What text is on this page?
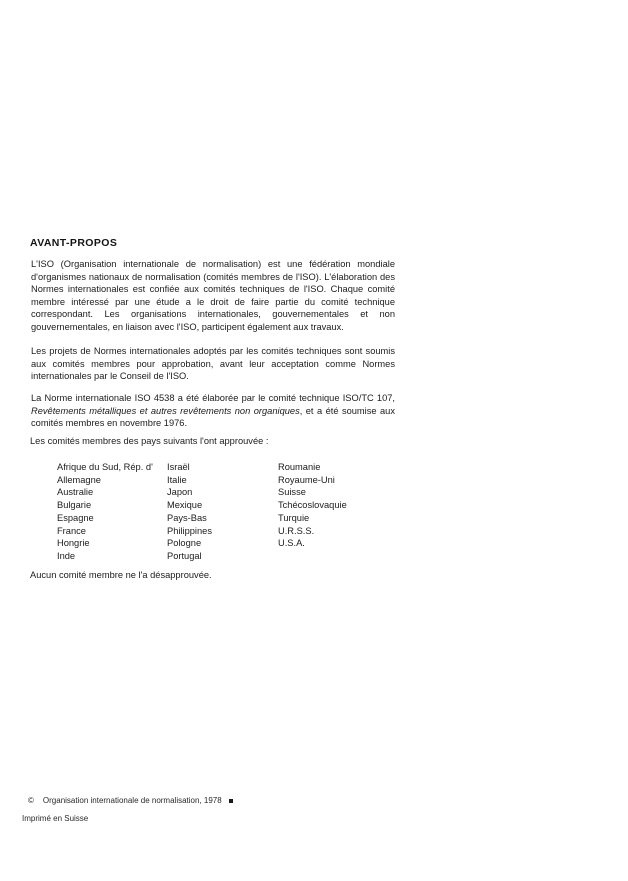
AVANT-PROPOS
L'ISO (Organisation internationale de normalisation) est une fédération mondiale d'organismes nationaux de normalisation (comités membres de l'ISO). L'élaboration des Normes internationales est confiée aux comités techniques de l'ISO. Chaque comité membre intéressé par une étude a le droit de faire partie du comité technique correspondant. Les organisations internationales, gouvernementales et non gouvernementales, en liaison avec l'ISO, participent également aux travaux.
Les projets de Normes internationales adoptés par les comités techniques sont soumis aux comités membres pour approbation, avant leur acceptation comme Normes internationales par le Conseil de l'ISO.
La Norme internationale ISO 4538 a été élaborée par le comité technique ISO/TC 107, Revêtements métalliques et autres revêtements non organiques, et a été soumise aux comités membres en novembre 1976.
Les comités membres des pays suivants l'ont approuvée :
Afrique du Sud, Rép. d'
Allemagne
Australie
Bulgarie
Espagne
France
Hongrie
Inde
Israël
Italie
Japon
Mexique
Pays-Bas
Philippines
Pologne
Portugal
Roumanie
Royaume-Uni
Suisse
Tchécoslovaquie
Turquie
U.R.S.S.
U.S.A.
Aucun comité membre ne l'a désapprouvée.
© Organisation internationale de normalisation, 1978
Imprimé en Suisse
